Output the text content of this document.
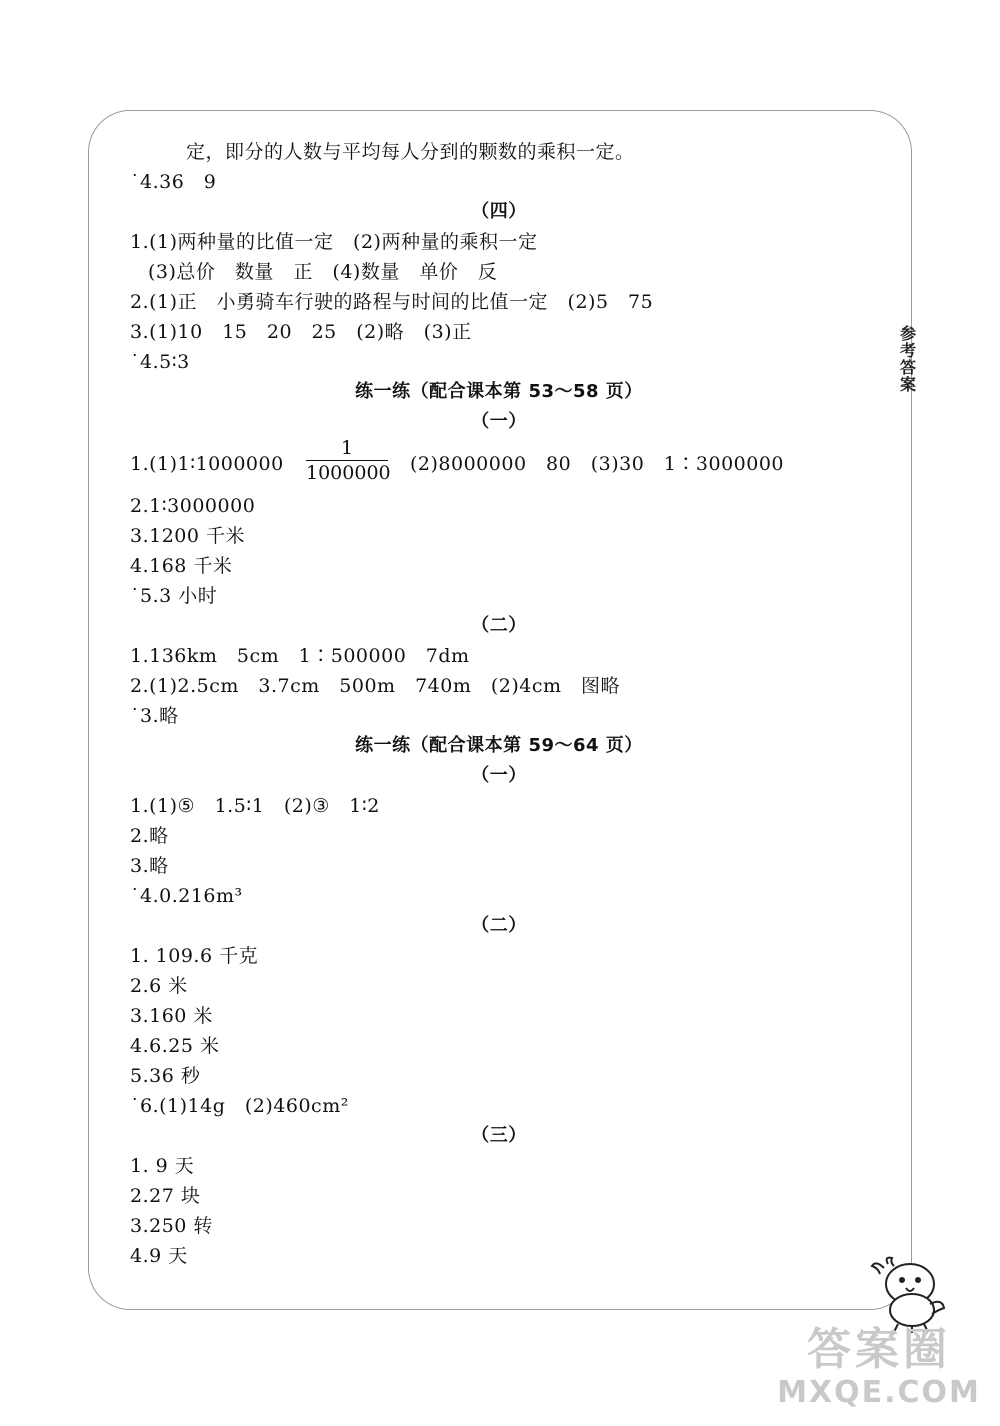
参
考
答
案
定，即分的人数与平均每人分到的颗数的乘积一定。
˙4.36　9
（四）
1.(1)两种量的比值一定　(2)两种量的乘积一定
(3)总价　数量　正　(4)数量　单价　反
2.(1)正　小勇骑车行驶的路程与时间的比值一定　(2)5　75
3.(1)10　15　20　25　(2)略　(3)正
˙4.5∶3
练一练（配合课本第 53～58 页）
（一）
1.(1)1∶1000000
1
1000000 (2)8000000　80　(3)30　1∶3000000
2.1∶3000000
3.1200 千米
4.168 千米
˙5.3 小时
（二）
1.136km　5cm　1∶500000　7dm
2.(1)2.5cm　3.7cm　500m　740m　(2)4cm　图略
˙3.略
练一练（配合课本第 59～64 页）
（一）
1.(1)⑤　1.5∶1　(2)③　1∶2
2.略
3.略
˙4.0.216m³
（二）
1. 109.6 千克
2.6 米
3.160 米
4.6.25 米
5.36 秒
˙6.(1)14g　(2)460cm²
（三）
1. 9 天
2.27 块
3.250 转
4.9 天
答案圈
MXQE.COM
